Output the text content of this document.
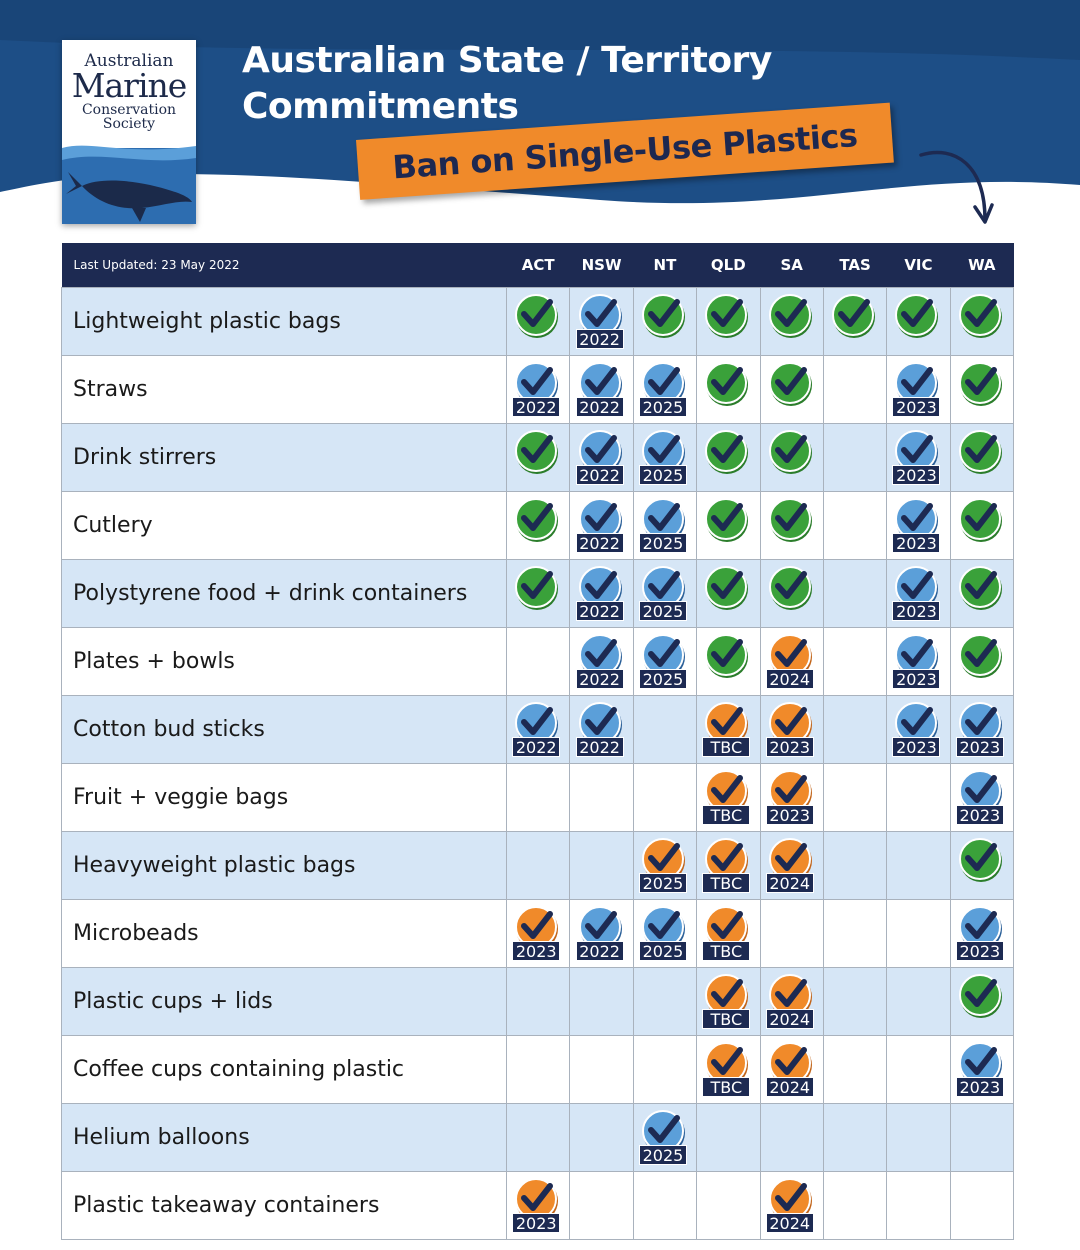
Australian
Marine
Conservation
Society
Australian State / Territory
Commitments
Ban on Single-Use Plastics
Last Updated: 23 May 2022	ACT	NSW	NT	QLD	SA	TAS	VIC	WA
Lightweight plastic bags		2022

Straws	2022	2022	2025				2023

Drink stirrers		2022	2025				2023

Cutlery		2022	2025				2023

Polystyrene food + drink containers		2022	2025				2023

Plates + bowls		2022	2025		2024		2023

Cotton bud sticks	2022	2022		TBC	2023		2023	2023

Fruit + veggie bags				TBC	2023			2023

Heavyweight plastic bags			2025	TBC	2024

Microbeads	2023	2022	2025	TBC				2023

Plastic cups + lids				TBC	2024

Coffee cups containing plastic				TBC	2024			2023

Helium balloons			2025					

Plastic takeaway containers	2023				2024			
